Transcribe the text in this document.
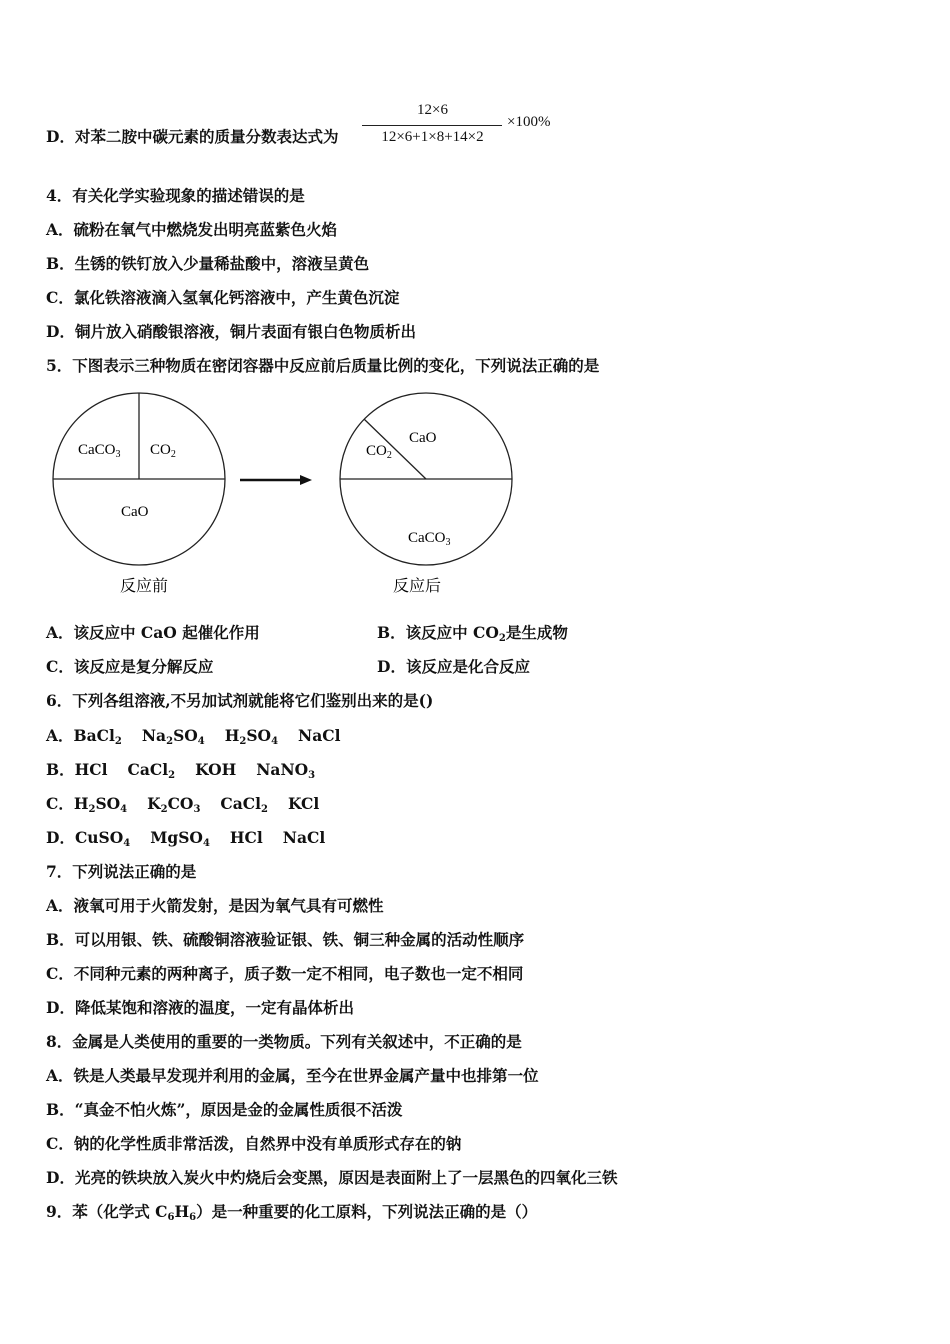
D．对苯二胺中碳元素的质量分数表达式为
12×6
12×6+1×8+14×2
×100%
4．有关化学实验现象的描述错误的是
A．硫粉在氧气中燃烧发出明亮蓝紫色火焰
B．生锈的铁钉放入少量稀盐酸中，溶液呈黄色
C．氯化铁溶液滴入氢氧化钙溶液中，产生黄色沉淀
D．铜片放入硝酸银溶液，铜片表面有银白色物质析出
5．下图表示三种物质在密闭容器中反应前后质量比例的变化，下列说法正确的是
CaCO$_3$ $CO_2$
CaO
反应前
CaO
$CO_2$
CaCO$_3$
反应后
A．该反应中 CaO 起催化作用	B．该反应中 $CO_2$是生成物
C．该反应是复分解反应	D．该反应是化合反应
6．下列各组溶液,不另加试剂就能将它们鉴别出来的是()
A．BaCl$_2$ $Na_2SO_4$ $H_2SO_4$ NaCl
B．HCl CaCl$_2$ KOH NaNO$_3$
C．$H_2SO_4$ $K_2CO_3$ CaCl$_2$ KCl
D．CuSO$_4$ MgSO$_4$ HCl NaCl
7．下列说法正确的是
A．液氧可用于火箭发射，是因为氧气具有可燃性
B．可以用银、铁、硫酸铜溶液验证银、铁、铜三种金属的活动性顺序
C．不同种元素的两种离子，质子数一定不相同，电子数也一定不相同
D．降低某饱和溶液的温度，一定有晶体析出
8．金属是人类使用的重要的一类物质。下列有关叙述中，不正确的是
A．铁是人类最早发现并利用的金属，至今在世界金属产量中也排第一位
B．“真金不怕火炼”，原因是金的金属性质很不活泼
C．钠的化学性质非常活泼，自然界中没有单质形式存在的钠
D．光亮的铁块放入炭火中灼烧后会变黑，原因是表面附上了一层黑色的四氧化三铁
9．苯（化学式 $C_6H_6$）是一种重要的化工原料，下列说法正确的是（）
